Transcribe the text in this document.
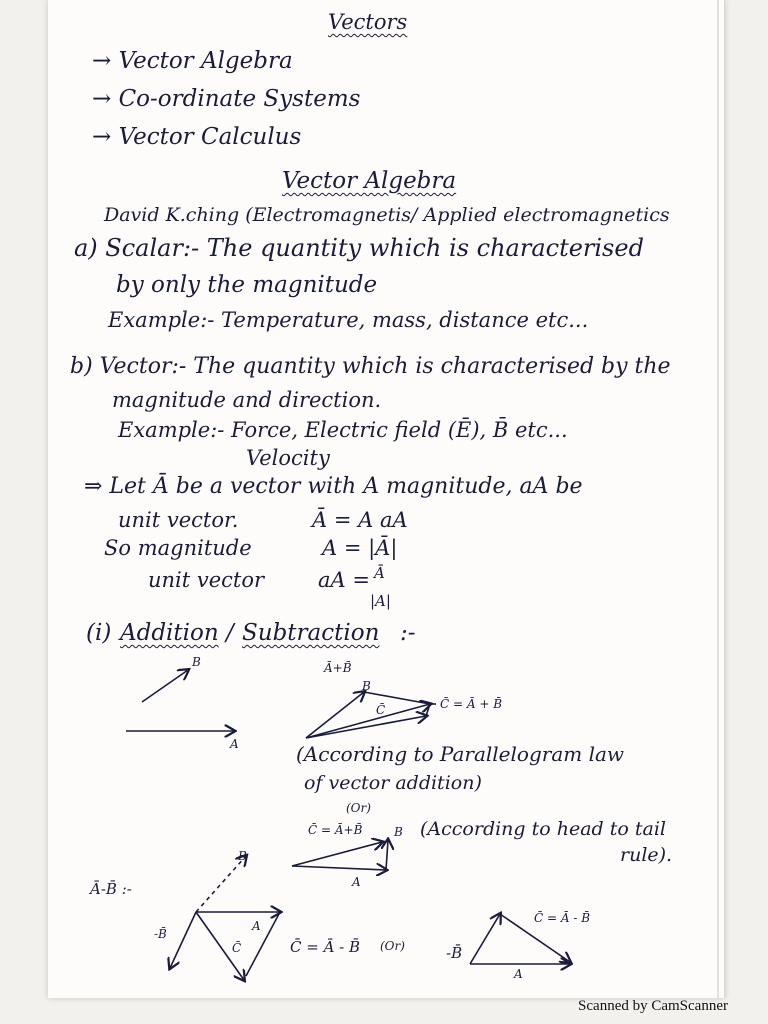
Vectors
→ Vector Algebra
→ Co-ordinate Systems
→ Vector Calculus
Vector Algebra
David K.ching (Electromagnetis/ Applied electromagnetics
a) Scalar:- The quantity which is characterised
by only the magnitude
Example:- Temperature, mass, distance etc...
b) Vector:- The quantity which is characterised by the
magnitude and direction.
Example:- Force, Electric field (Ē), B̄ etc...
Velocity
⇒ Let Ā be a vector with A magnitude, aA be
unit vector.	Ā = A aA
So magnitude	A = |Ā|
unit vector	aA = Ā
|A|
(i) Addition / Subtraction :-
B
A
Ā+B̄
B
C̄	C̄ = Ā + B̄
(According to Parallelogram law
of vector addition)
(Or)
C̄ = Ā+B̄	B
A
(According to head to tail
rule).
Ā-B̄ :-
B
-B̄
A
C̄	C̄ = Ā - B̄ (Or)	-B̄
A
C̄ = Ā - B̄
Scanned by CamScanner
